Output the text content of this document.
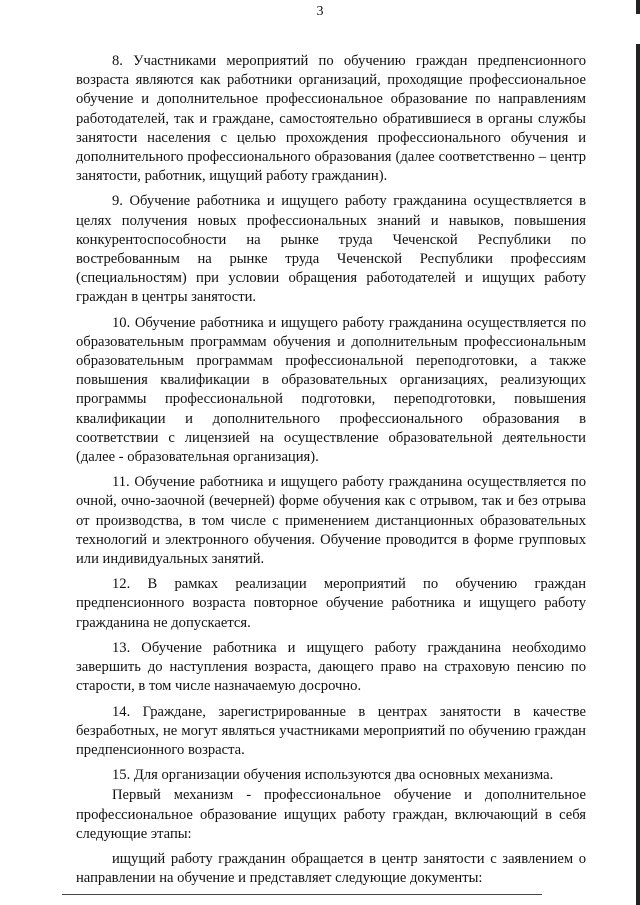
3

8. Участниками мероприятий по обучению граждан предпенсионного возраста являются как работники организаций, проходящие профессиональное обучение и дополнительное профессиональное образование по направлениям работодателей, так и граждане, самостоятельно обратившиеся в органы службы занятости населения с целью прохождения профессионального обучения и дополнительного профессионального образования (далее соответственно – центр занятости, работник, ищущий работу гражданин).

9. Обучение работника и ищущего работу гражданина осуществляется в целях получения новых профессиональных знаний и навыков, повышения конкурентоспособности на рынке труда Чеченской Республики по востребованным на рынке труда Чеченской Республики профессиям (специальностям) при условии обращения работодателей и ищущих работу граждан в центры занятости.

10. Обучение работника и ищущего работу гражданина осуществляется по образовательным программам обучения и дополнительным профессиональным образовательным программам профессиональной переподготовки, а также повышения квалификации в образовательных организациях, реализующих программы профессиональной подготовки, переподготовки, повышения квалификации и дополнительного профессионального образования в соответствии с лицензией на осуществление образовательной деятельности (далее - образовательная организация).

11. Обучение работника и ищущего работу гражданина осуществляется по очной, очно-заочной (вечерней) форме обучения как с отрывом, так и без отрыва от производства, в том числе с применением дистанционных образовательных технологий и электронного обучения. Обучение проводится в форме групповых или индивидуальных занятий.

12. В рамках реализации мероприятий по обучению граждан предпенсионного возраста повторное обучение работника и ищущего работу гражданина не допускается.

13. Обучение работника и ищущего работу гражданина необходимо завершить до наступления возраста, дающего право на страховую пенсию по старости, в том числе назначаемую досрочно.

14. Граждане, зарегистрированные в центрах занятости в качестве безработных, не могут являться участниками мероприятий по обучению граждан предпенсионного возраста.

15. Для организации обучения используются два основных механизма.

Первый механизм - профессиональное обучение и дополнительное профессиональное образование ищущих работу граждан, включающий в себя следующие этапы:

ищущий работу гражданин обращается в центр занятости с заявлением о направлении на обучение и представляет следующие документы:
